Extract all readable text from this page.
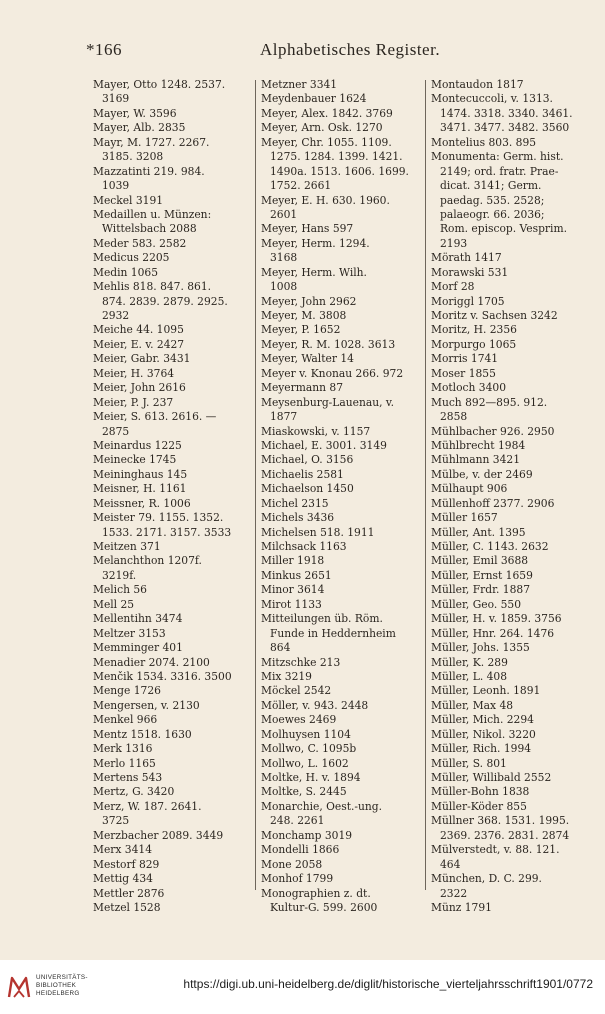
*166	Alphabetisches Register.
Mayer, Otto 1248. 2537.
3169
Mayer, W. 3596
Mayer, Alb. 2835
Mayr, M. 1727. 2267.
3185. 3208
Mazzatinti 219. 984.
1039
Meckel 3191
Medaillen u. Münzen:
Wittelsbach 2088
Meder 583. 2582
Medicus 2205
Medin 1065
Mehlis 818. 847. 861.
874. 2839. 2879. 2925.
2932
Meiche 44. 1095
Meier, E. v. 2427
Meier, Gabr. 3431
Meier, H. 3764
Meier, John 2616
Meier, P. J. 237
Meier, S. 613. 2616. —
2875
Meinardus 1225
Meinecke 1745
Meininghaus 145
Meisner, H. 1161
Meissner, R. 1006
Meister 79. 1155. 1352.
1533. 2171. 3157. 3533
Meitzen 371
Melanchthon 1207f.
3219f.
Melich 56
Mell 25
Mellentihn 3474
Meltzer 3153
Memminger 401
Menadier 2074. 2100
Menčik 1534. 3316. 3500
Menge 1726
Mengersen, v. 2130
Menkel 966
Mentz 1518. 1630
Merk 1316
Merlo 1165
Mertens 543
Mertz, G. 3420
Merz, W. 187. 2641.
3725
Merzbacher 2089. 3449
Merx 3414
Mestorf 829
Mettig 434
Mettler 2876
Metzel 1528
Metzner 3341
Meydenbauer 1624
Meyer, Alex. 1842. 3769
Meyer, Arn. Osk. 1270
Meyer, Chr. 1055. 1109.
1275. 1284. 1399. 1421.
1490a. 1513. 1606. 1699.
1752. 2661
Meyer, E. H. 630. 1960.
2601
Meyer, Hans 597
Meyer, Herm. 1294.
3168
Meyer, Herm. Wilh.
1008
Meyer, John 2962
Meyer, M. 3808
Meyer, P. 1652
Meyer, R. M. 1028. 3613
Meyer, Walter 14
Meyer v. Knonau 266. 972
Meyermann 87
Meysenburg-Lauenau, v.
1877
Miaskowski, v. 1157
Michael, E. 3001. 3149
Michael, O. 3156
Michaelis 2581
Michaelson 1450
Michel 2315
Michels 3436
Michelsen 518. 1911
Milchsack 1163
Miller 1918
Minkus 2651
Minor 3614
Mirot 1133
Mitteilungen üb. Röm.
Funde in Heddernheim
864
Mitzschke 213
Mix 3219
Möckel 2542
Möller, v. 943. 2448
Moewes 2469
Molhuysen 1104
Mollwo, C. 1095b
Mollwo, L. 1602
Moltke, H. v. 1894
Moltke, S. 2445
Monarchie, Oest.-ung.
248. 2261
Monchamp 3019
Mondelli 1866
Mone 2058
Monhof 1799
Monographien z. dt.
Kultur-G. 599. 2600
Montaudon 1817
Montecuccoli, v. 1313.
1474. 3318. 3340. 3461.
3471. 3477. 3482. 3560
Montelius 803. 895
Monumenta: Germ. hist.
2149; ord. fratr. Prae-
dicat. 3141; Germ.
paedag. 535. 2528;
palaeogr. 66. 2036;
Rom. episcop. Vesprim.
2193
Mörath 1417
Morawski 531
Morf 28
Moriggl 1705
Moritz v. Sachsen 3242
Moritz, H. 2356
Morpurgo 1065
Morris 1741
Moser 1855
Motloch 3400
Much 892—895. 912.
2858
Mühlbacher 926. 2950
Mühlbrecht 1984
Mühlmann 3421
Mülbe, v. der 2469
Mülhaupt 906
Müllenhoff 2377. 2906
Müller 1657
Müller, Ant. 1395
Müller, C. 1143. 2632
Müller, Emil 3688
Müller, Ernst 1659
Müller, Frdr. 1887
Müller, Geo. 550
Müller, H. v. 1859. 3756
Müller, Hnr. 264. 1476
Müller, Johs. 1355
Müller, K. 289
Müller, L. 408
Müller, Leonh. 1891
Müller, Max 48
Müller, Mich. 2294
Müller, Nikol. 3220
Müller, Rich. 1994
Müller, S. 801
Müller, Willibald 2552
Müller-Bohn 1838
Müller-Köder 855
Müllner 368. 1531. 1995.
2369. 2376. 2831. 2874
Mülverstedt, v. 88. 121.
464
München, D. C. 299.
2322
Münz 1791
UNIVERSITÄTS-
BIBLIOTHEK
HEIDELBERG
https://digi.ub.uni-heidelberg.de/diglit/historische_vierteljahrsschrift1901/0772
